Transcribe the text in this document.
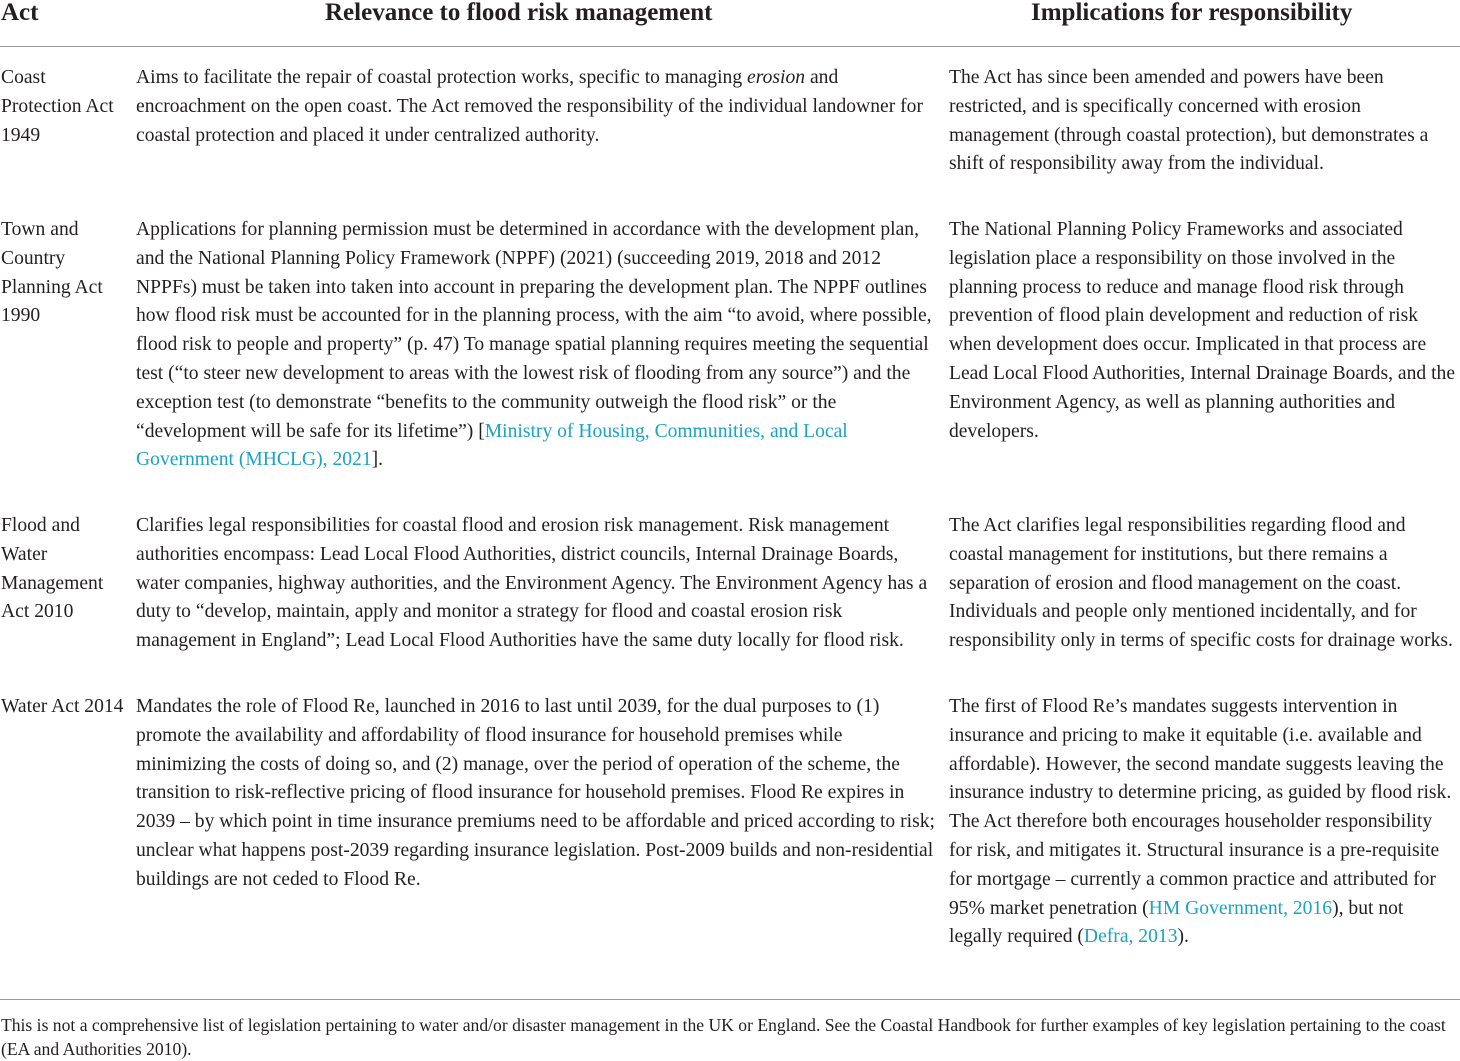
Act	Relevance to flood risk management	Implications for responsibility
Coast Protection Act 1949
Aims to facilitate the repair of coastal protection works, specific to managing erosion and encroachment on the open coast. The Act removed the responsibility of the individual landowner for coastal protection and placed it under centralized authority.
The Act has since been amended and powers have been restricted, and is specifically concerned with erosion management (through coastal protection), but demonstrates a shift of responsibility away from the individual.
Town and Country Planning Act 1990
Applications for planning permission must be determined in accordance with the development plan, and the National Planning Policy Framework (NPPF) (2021) (succeeding 2019, 2018 and 2012 NPPFs) must be taken into taken into account in preparing the development plan. The NPPF outlines how flood risk must be accounted for in the planning process, with the aim “to avoid, where possible, flood risk to people and property” (p. 47) To manage spatial planning requires meeting the sequential test (“to steer new development to areas with the lowest risk of flooding from any source”) and the exception test (to demonstrate “benefits to the community outweigh the flood risk” or the “development will be safe for its lifetime”) [Ministry of Housing, Communities, and Local Government (MHCLG), 2021].
The National Planning Policy Frameworks and associated legislation place a responsibility on those involved in the planning process to reduce and manage flood risk through prevention of flood plain development and reduction of risk when development does occur. Implicated in that process are Lead Local Flood Authorities, Internal Drainage Boards, and the Environment Agency, as well as planning authorities and developers.
Flood and Water Management Act 2010
Clarifies legal responsibilities for coastal flood and erosion risk management. Risk management authorities encompass: Lead Local Flood Authorities, district councils, Internal Drainage Boards, water companies, highway authorities, and the Environment Agency. The Environment Agency has a duty to “develop, maintain, apply and monitor a strategy for flood and coastal erosion risk management in England”; Lead Local Flood Authorities have the same duty locally for flood risk.
The Act clarifies legal responsibilities regarding flood and coastal management for institutions, but there remains a separation of erosion and flood management on the coast. Individuals and people only mentioned incidentally, and for responsibility only in terms of specific costs for drainage works.
Water Act 2014 Mandates the role of Flood Re, launched in 2016 to last until 2039, for the dual purposes to (1) promote the availability and affordability of flood insurance for household premises while minimizing the costs of doing so, and (2) manage, over the period of operation of the scheme, the transition to risk-reflective pricing of flood insurance for household premises. Flood Re expires in 2039 – by which point in time insurance premiums need to be affordable and priced according to risk; unclear what happens post-2039 regarding insurance legislation. Post-2009 builds and non-residential buildings are not ceded to Flood Re.
The first of Flood Re’s mandates suggests intervention in insurance and pricing to make it equitable (i.e. available and affordable). However, the second mandate suggests leaving the insurance industry to determine pricing, as guided by flood risk. The Act therefore both encourages householder responsibility for risk, and mitigates it. Structural insurance is a pre-requisite for mortgage – currently a common practice and attributed for 95% market penetration (HM Government, 2016), but not legally required (Defra, 2013).
This is not a comprehensive list of legislation pertaining to water and/or disaster management in the UK or England. See the Coastal Handbook for further examples of key legislation pertaining to the coast (EA and Authorities 2010).
